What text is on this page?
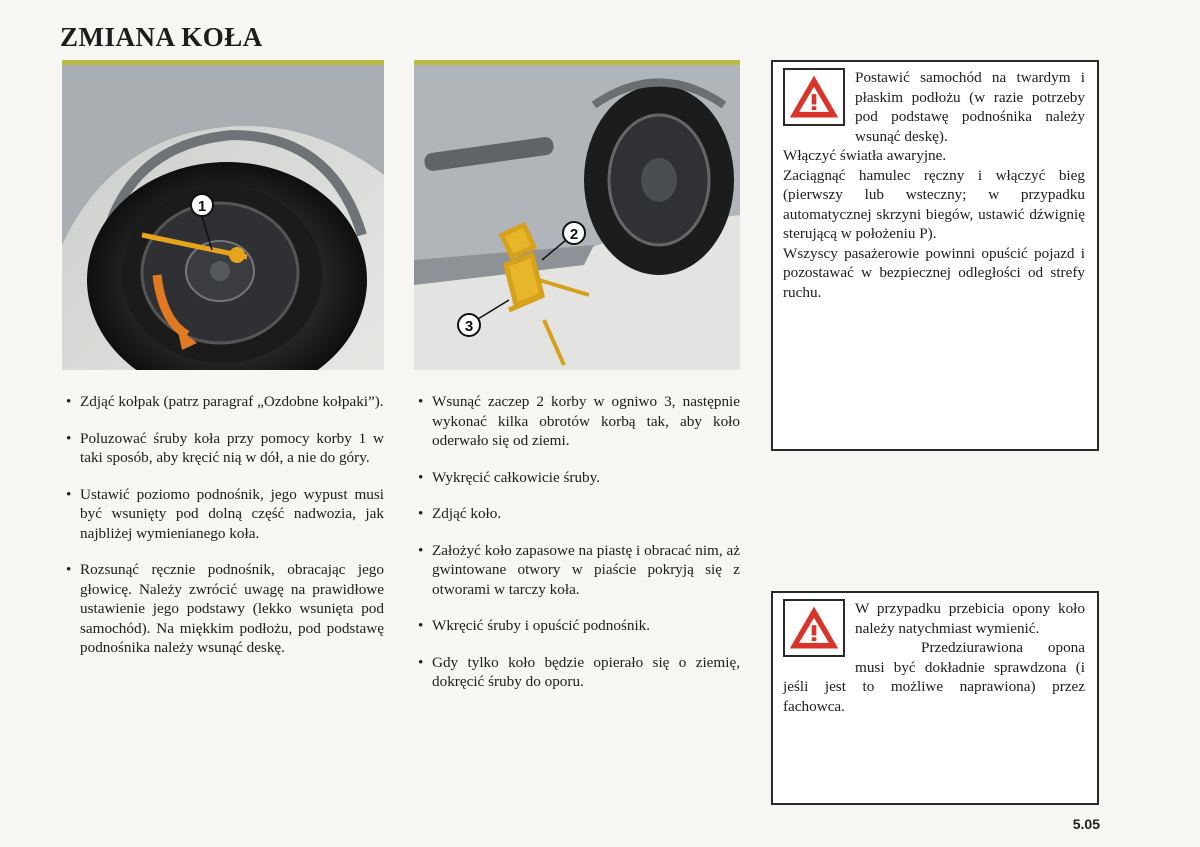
ZMIANA KOŁA
1
• Zdjąć kołpak (patrz paragraf „Ozdobne kołpaki”).
• Poluzować śruby koła przy pomocy korby 1 w taki sposób, aby kręcić nią w dół, a nie do góry.
• Ustawić poziomo podnośnik, jego wypust musi być wsunięty pod dolną część nadwozia, jak najbliżej wymienianego koła.
• Rozsunąć ręcznie podnośnik, obracając jego głowicę. Należy zwrócić uwagę na prawidłowe ustawienie jego podstawy (lekko wsunięta pod samochód). Na miękkim podłożu, pod podstawę podnośnika należy wsunąć deskę.
2
3
• Wsunąć zaczep 2 korby w ogniwo 3, następnie wykonać kilka obrotów korbą tak, aby koło oderwało się od ziemi.
• Wykręcić całkowicie śruby.
• Zdjąć koło.
• Założyć koło zapasowe na piastę i obracać nim, aż gwintowane otwory w piaście pokryją się z otworami w tarczy koła.
• Wkręcić śruby i opuścić podnośnik.
• Gdy tylko koło będzie opierało się o ziemię, dokręcić śruby do oporu.

Postawić samochód na twardym i płaskim podłożu (w razie potrzeby pod podstawę podnośnika należy wsunąć deskę).

Włączyć światła awaryjne.

Zaciągnąć hamulec ręczny i włączyć bieg (pierwszy lub wsteczny; w przypadku automatycznej skrzyni biegów, ustawić dźwignię sterującą w położeniu P).

Wszyscy pasażerowie powinni opuścić pojazd i pozostawać w bezpiecznej odległości od strefy ruchu.

W przypadku przebicia opony koło należy natychmiast wymienić.

Przedziurawiona opona musi być dokładnie sprawdzona (i jeśli jest to możliwe naprawiona) przez fachowca.

5.05
